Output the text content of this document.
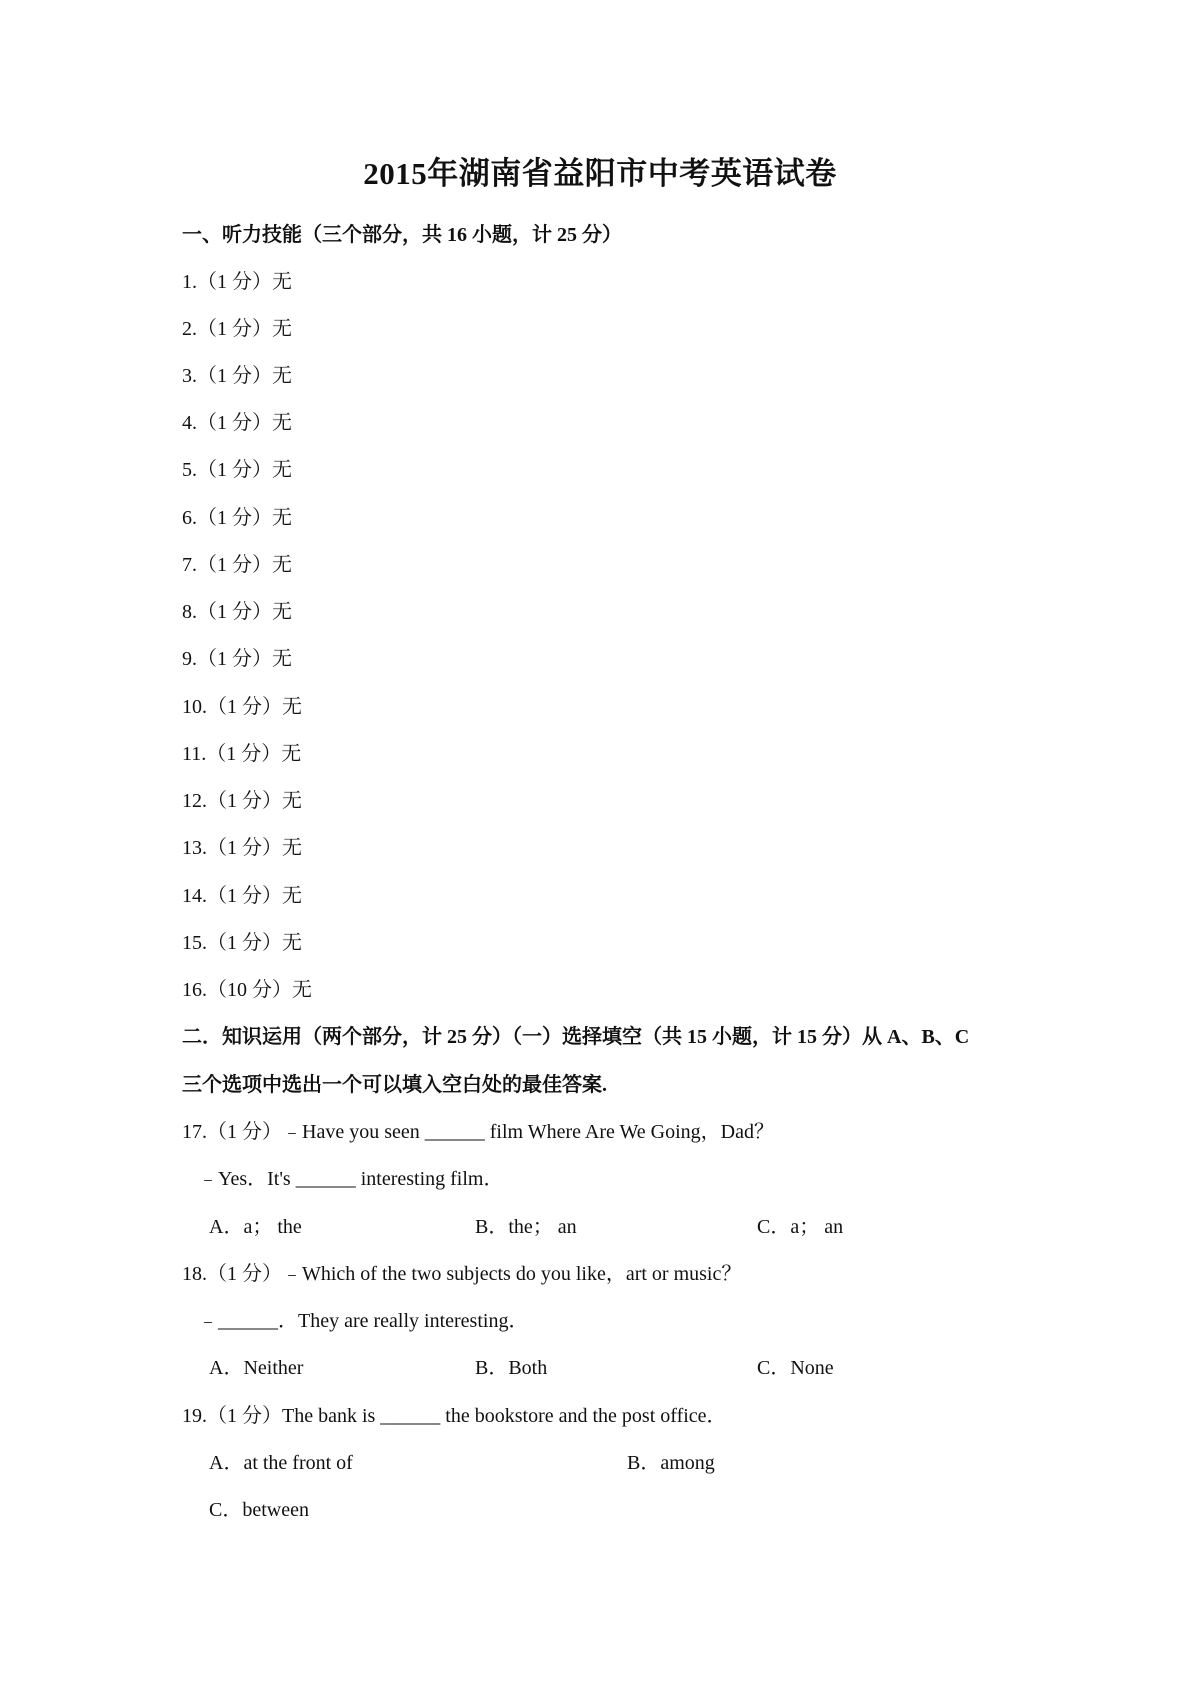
2015年湖南省益阳市中考英语试卷
一、听力技能（三个部分，共 16 小题，计 25 分）
1.（1 分）无
2.（1 分）无
3.（1 分）无
4.（1 分）无
5.（1 分）无
6.（1 分）无
7.（1 分）无
8.（1 分）无
9.（1 分）无
10.（1 分）无
11.（1 分）无
12.（1 分）无
13.（1 分）无
14.（1 分）无
15.（1 分）无
16.（10 分）无
二．知识运用（两个部分，计 25 分）（一）选择填空（共 15 小题，计 15 分）从 A、B、C
三个选项中选出一个可以填入空白处的最佳答案.
17.（1 分）﹣Have you seen ______ film Where Are We Going，Dad？
﹣Yes．It's ______ interesting film．
A．a； the	B．the； an	C．a； an
18.（1 分）﹣Which of the two subjects do you like，art or music？
﹣______．They are really interesting．
A．Neither	B．Both	C．None
19.（1 分）The bank is ______ the bookstore and the post office．
A．at the front of	B．among
C．between
